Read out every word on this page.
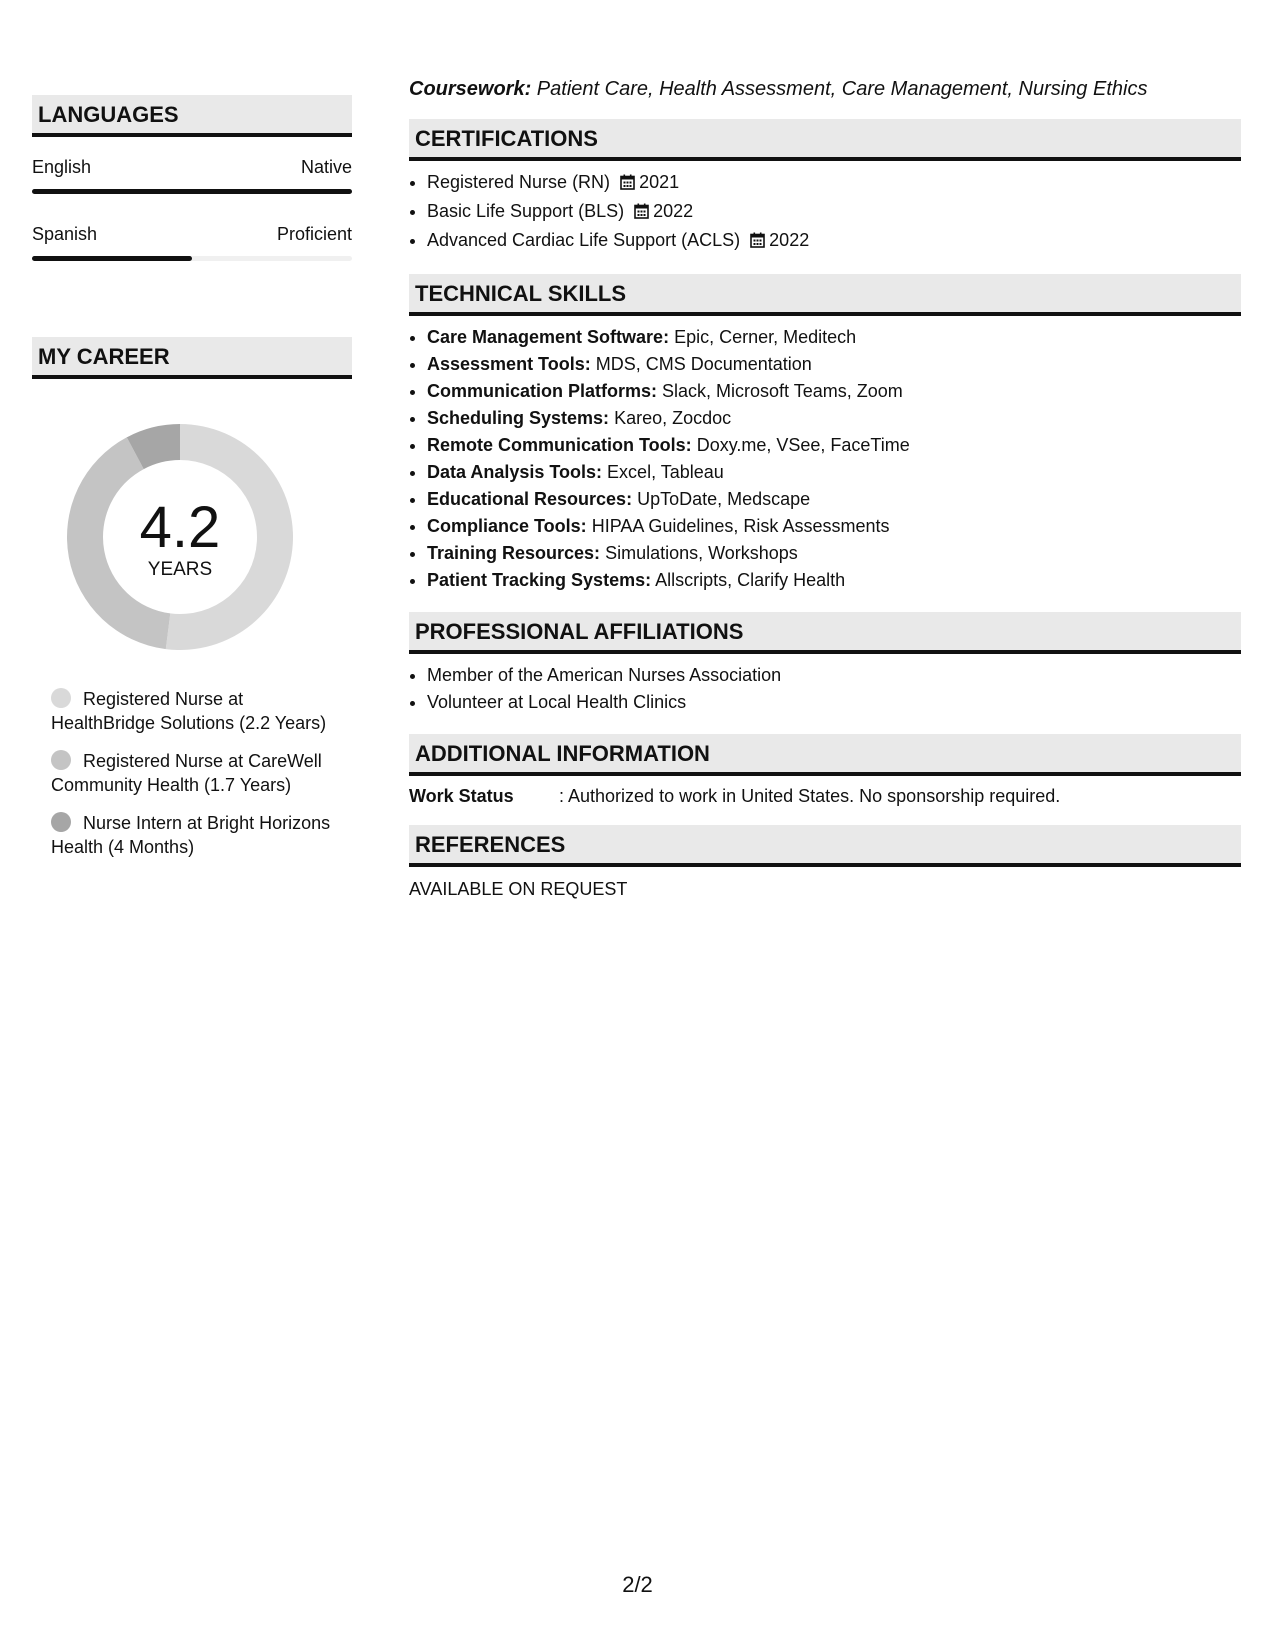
LANGUAGES
English	Native
Spanish	Proficient
MY CAREER
4.2
YEARS
Registered Nurse at HealthBridge Solutions (2.2 Years)
Registered Nurse at CareWell Community Health (1.7 Years)
Nurse Intern at Bright Horizons Health (4 Months)
Coursework: Patient Care, Health Assessment, Care Management, Nursing Ethics
CERTIFICATIONS
• Registered Nurse (RN) 2021
• Basic Life Support (BLS) 2022
• Advanced Cardiac Life Support (ACLS) 2022
TECHNICAL SKILLS
• Care Management Software: Epic, Cerner, Meditech
• Assessment Tools: MDS, CMS Documentation
• Communication Platforms: Slack, Microsoft Teams, Zoom
• Scheduling Systems: Kareo, Zocdoc
• Remote Communication Tools: Doxy.me, VSee, FaceTime
• Data Analysis Tools: Excel, Tableau
• Educational Resources: UpToDate, Medscape
• Compliance Tools: HIPAA Guidelines, Risk Assessments
• Training Resources: Simulations, Workshops
• Patient Tracking Systems: Allscripts, Clarify Health
PROFESSIONAL AFFILIATIONS
• Member of the American Nurses Association
• Volunteer at Local Health Clinics
ADDITIONAL INFORMATION
Work Status	: Authorized to work in United States. No sponsorship required.
REFERENCES
AVAILABLE ON REQUEST
2/2
